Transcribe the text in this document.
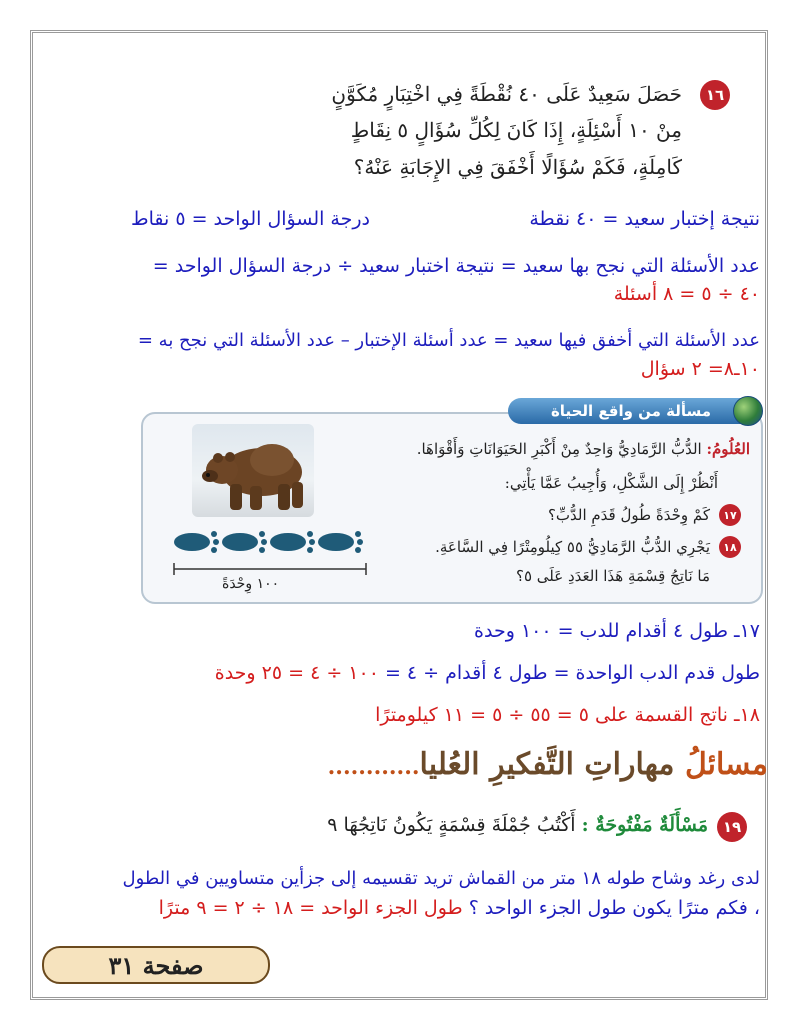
١٦
حَصَلَ سَعِيدٌ عَلَى ٤٠ نُقْطَةً فِي اخْتِبَارٍ مُكَوَّنٍ
مِنْ ١٠ أَسْئِلَةٍ، إِذَا كَانَ لِكُلِّ سُؤَالٍ ٥ نِقَاطٍ
كَامِلَةٍ، فَكَمْ سُؤَالًا أَخْفَقَ فِي الإِجَابَةِ عَنْهُ؟
نتيجة إختبار سعيد = ٤٠ نقطة
درجة السؤال الواحد = ٥ نقاط
عدد الأسئلة التي نجح بها سعيد = نتيجة اختبار سعيد ÷ درجة السؤال الواحد =
٤٠ ÷ ٥ = ٨ أسئلة
عدد الأسئلة التي أخفق فيها سعيد = عدد أسئلة الإختبار – عدد الأسئلة التي نجح به =
١٠ـ٨= ٢ سؤال
مسألة من واقع الحياة
العُلُومُ: الدُّبُّ الرَّمَادِيُّ وَاحِدٌ مِنْ أَكْبَرِ الحَيَوَانَاتِ وَأَقْوَاهَا.
أَنْظُرْ إِلَى الشَّكْلِ، وَأُجِيبُ عَمَّا يَأْتِي:
١٧
كَمْ وِحْدَةً طُولُ قَدَمِ الدُّبِّ؟
١٨
يَجْرِي الدُّبُّ الرَّمَادِيُّ ٥٥ كِيلُومِتْرًا فِي السَّاعَةِ.
مَا نَاتِجُ قِسْمَةِ هَذَا العَدَدِ عَلَى ٥؟
١٠٠ وِحْدَةً
١٧ـ طول ٤ أقدام للدب = ١٠٠ وحدة
طول قدم الدب الواحدة = طول ٤ أقدام ÷ ٤ = ١٠٠ ÷ ٤ = ٢٥ وحدة
١٨ـ ناتج القسمة على ٥ = ٥٥ ÷ ٥ = ١١ كيلومترًا
مسائلُ مهاراتِ التَّفكيرِ العُليا............
١٩
مَسْأَلَةٌ مَفْتُوحَةٌ : أَكْتُبُ جُمْلَةَ قِسْمَةٍ يَكُونُ نَاتِجُهَا ٩
لدى رغد وشاح طوله ١٨ متر من القماش تريد تقسيمه إلى جزأين متساويين في الطول
، فكم مترًا يكون طول الجزء الواحد ؟ طول الجزء الواحد = ١٨ ÷ ٢ = ٩ مترًا
صفحة ٣١
